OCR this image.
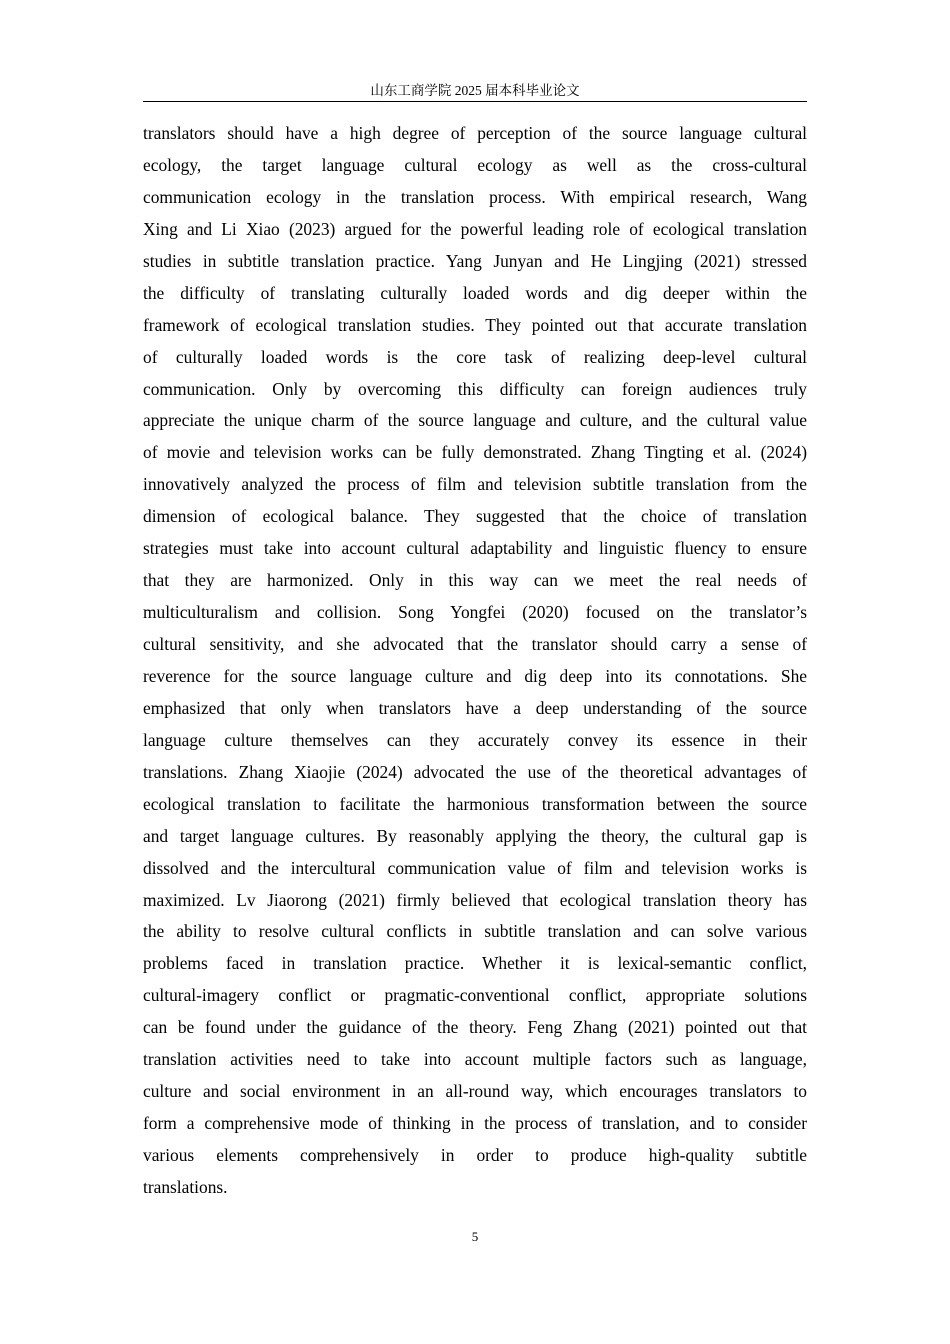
山东工商学院 2025 届本科毕业论文
translators should have a high degree of perception of the source language cultural
ecology, the target language cultural ecology as well as the cross-cultural
communication ecology in the translation process. With empirical research, Wang
Xing and Li Xiao (2023) argued for the powerful leading role of ecological translation
studies in subtitle translation practice. Yang Junyan and He Lingjing (2021) stressed
the difficulty of translating culturally loaded words and dig deeper within the
framework of ecological translation studies. They pointed out that accurate translation
of culturally loaded words is the core task of realizing deep-level cultural
communication. Only by overcoming this difficulty can foreign audiences truly
appreciate the unique charm of the source language and culture, and the cultural value
of movie and television works can be fully demonstrated. Zhang Tingting et al. (2024)
innovatively analyzed the process of film and television subtitle translation from the
dimension of ecological balance. They suggested that the choice of translation
strategies must take into account cultural adaptability and linguistic fluency to ensure
that they are harmonized. Only in this way can we meet the real needs of
multiculturalism and collision. Song Yongfei (2020) focused on the translator’s
cultural sensitivity, and she advocated that the translator should carry a sense of
reverence for the source language culture and dig deep into its connotations. She
emphasized that only when translators have a deep understanding of the source
language culture themselves can they accurately convey its essence in their
translations. Zhang Xiaojie (2024) advocated the use of the theoretical advantages of
ecological translation to facilitate the harmonious transformation between the source
and target language cultures. By reasonably applying the theory, the cultural gap is
dissolved and the intercultural communication value of film and television works is
maximized. Lv Jiaorong (2021) firmly believed that ecological translation theory has
the ability to resolve cultural conflicts in subtitle translation and can solve various
problems faced in translation practice. Whether it is lexical-semantic conflict,
cultural-imagery conflict or pragmatic-conventional conflict, appropriate solutions
can be found under the guidance of the theory. Feng Zhang (2021) pointed out that
translation activities need to take into account multiple factors such as language,
culture and social environment in an all-round way, which encourages translators to
form a comprehensive mode of thinking in the process of translation, and to consider
various elements comprehensively in order to produce high-quality subtitle
translations.
5
